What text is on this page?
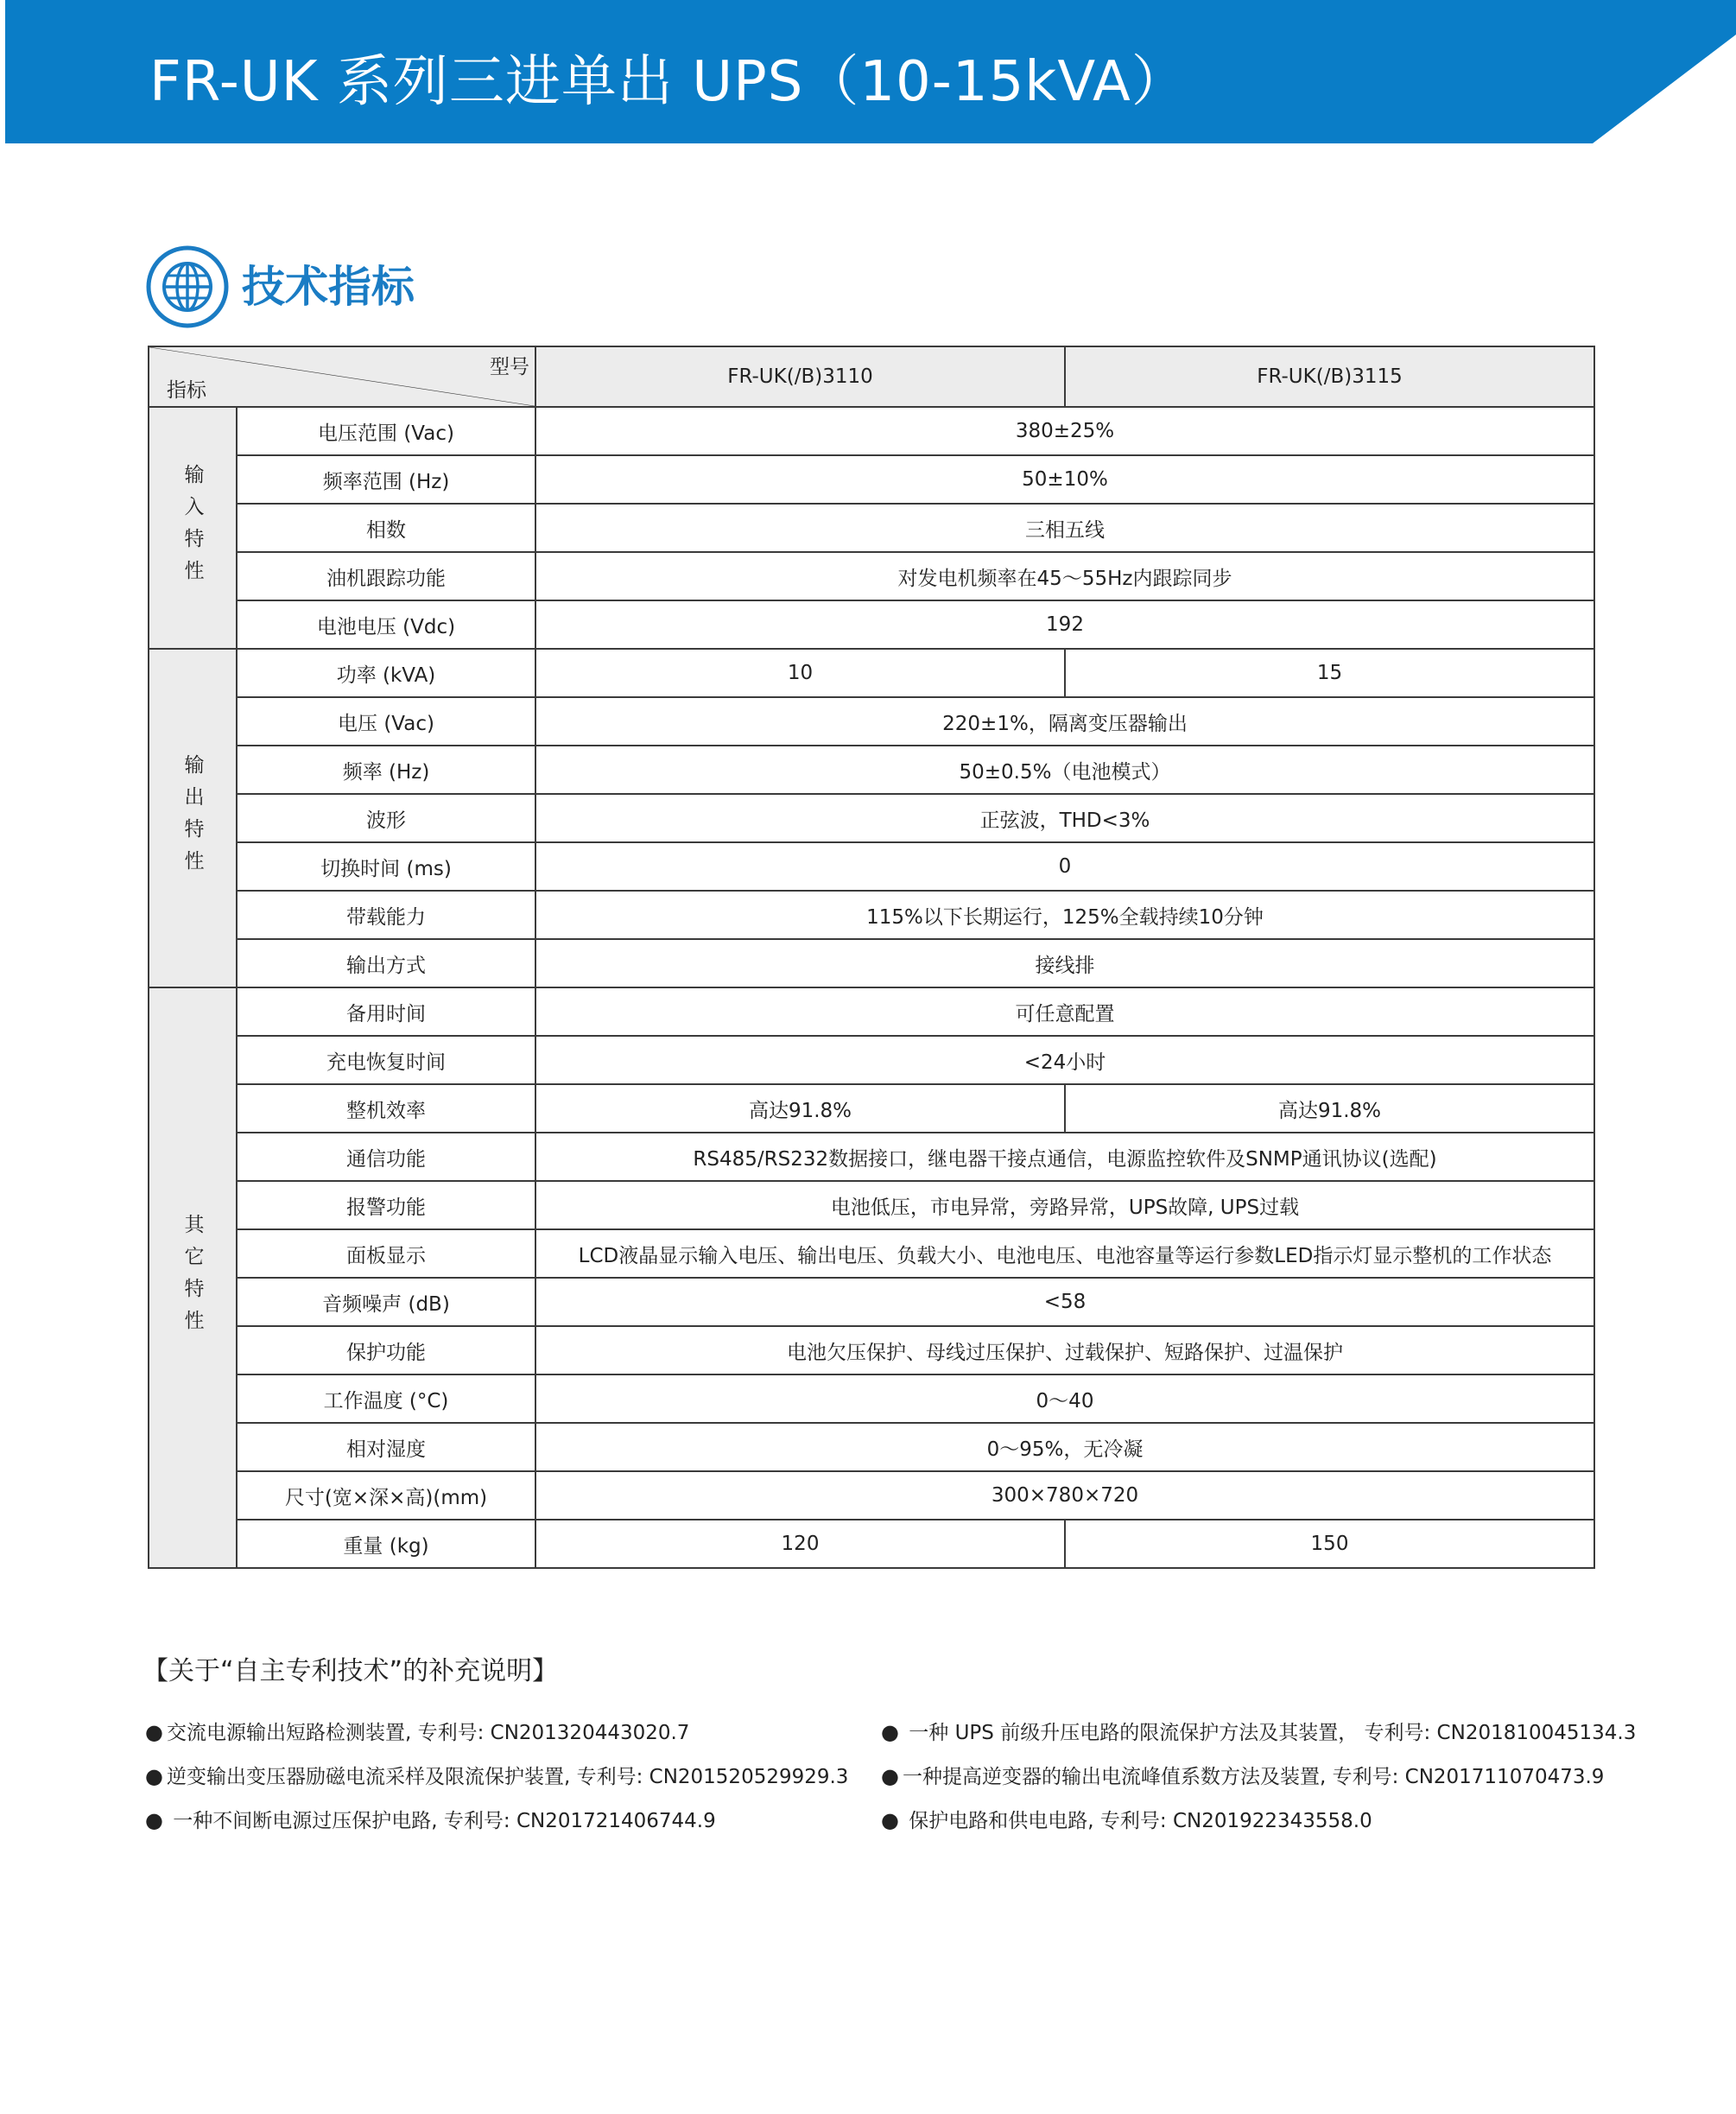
FR-UK 系列三进单出 UPS（10-15kVA）
技术指标
型号
指标		FR-UK(/B)3110	FR-UK(/B)3115
输入特性	电压范围 (Vac)	380±25%	
	频率范围 (Hz)	50±10%	
	相数	三相五线	
	油机跟踪功能	对发电机频率在45～55Hz内跟踪同步	
	电池电压 (Vdc)	192	
输出特性	功率 (kVA)	10	15
	电压 (Vac)	220±1%，隔离变压器输出	
	频率 (Hz)	50±0.5%（电池模式）	
	波形	正弦波，THD<3%	
	切换时间 (ms)	0	
	带载能力	115%以下长期运行，125%全载持续10分钟	
	输出方式	接线排	
其它特性	备用时间	可任意配置	
	充电恢复时间	<24小时	
	整机效率	高达91.8%	高达91.8%
	通信功能	RS485/RS232数据接口，继电器干接点通信，电源监控软件及SNMP通讯协议(选配)	
	报警功能	电池低压，市电异常，旁路异常，UPS故障, UPS过载	
	面板显示	LCD液晶显示输入电压、输出电压、负载大小、电池电压、电池容量等运行参数LED指示灯显示整机的工作状态	
	音频噪声 (dB)	<58	
	保护功能	电池欠压保护、母线过压保护、过载保护、短路保护、过温保护	
	工作温度 (°C)	0～40	
	相对湿度	0～95%，无冷凝	
	尺寸(宽×深×高)(mm)	300×780×720	
	重量 (kg)	120	150
【关于“自主专利技术”的补充说明】
● 交流电源输出短路检测装置, 专利号: CN201320443020.7
● 逆变输出变压器励磁电流采样及限流保护装置, 专利号: CN201520529929.3
● 一种不间断电源过压保护电路, 专利号: CN201721406744.9
● 一种 UPS 前级升压电路的限流保护方法及其装置， 专利号: CN201810045134.3
● 一种提高逆变器的输出电流峰值系数方法及装置, 专利号: CN201711070473.9
● 保护电路和供电电路, 专利号: CN201922343558.0
